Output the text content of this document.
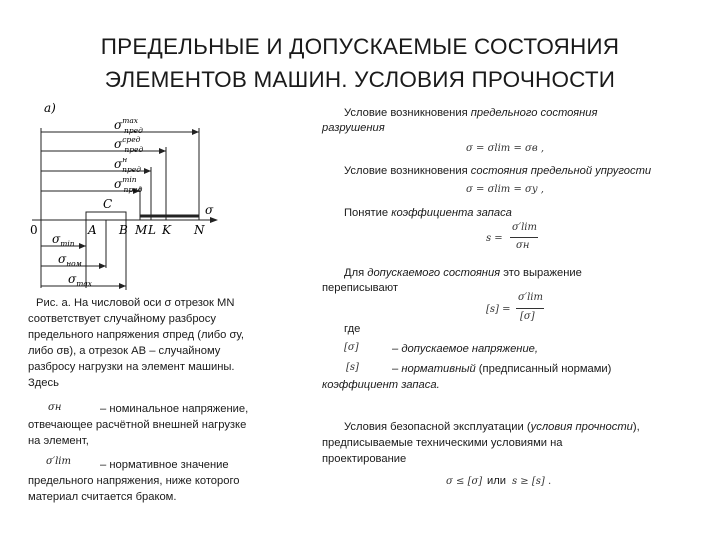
ПРЕДЕЛЬНЫЕ И ДОПУСКАЕМЫЕ СОСТОЯНИЯ
ЭЛЕМЕНТОВ МАШИН. УСЛОВИЯ ПРОЧНОСТИ
а)
$\sigma^{max}$ пред
$\sigma^{сред}$ пред
$\sigma^н$ пред
$\sigma^{min}$ пред
σ
C
0	A B M L K N
$\sigma_{min}$
$\sigma_{ном}$
$\sigma_{max}$
Рис. а. На числовой оси σ отрезок MN
соответствует случайному разбросу
предельного напряжения σпред (либо σу,
либо σв), а отрезок AB – случайному
разбросу нагрузки на элемент машины.
Здесь
σн	– номинальное напряжение,
отвечающее расчётной внешней нагрузке
на элемент,
σ′lim	– нормативное значение
предельного напряжения, ниже которого
материал считается браком.
Условие возникновения предельного состояния
разрушения
σ = σlim = σв ,
Условие возникновения состояния предельной упругости
σ = σlim = σу ,
Понятие коэффициента запаса
s =
σ′lim
σн
Для допускаемого состояния это выражение
переписывают
[s] =
σ′lim
[σ]
где
[σ]	– допускаемое напряжение,
[s]	– нормативный (предписанный нормами)
коэффициент запаса.
Условия безопасной эксплуатации (условия прочности),
предписываемые техническими условиями на
проектирование
σ ≤ [σ] или s ≥ [s] .
